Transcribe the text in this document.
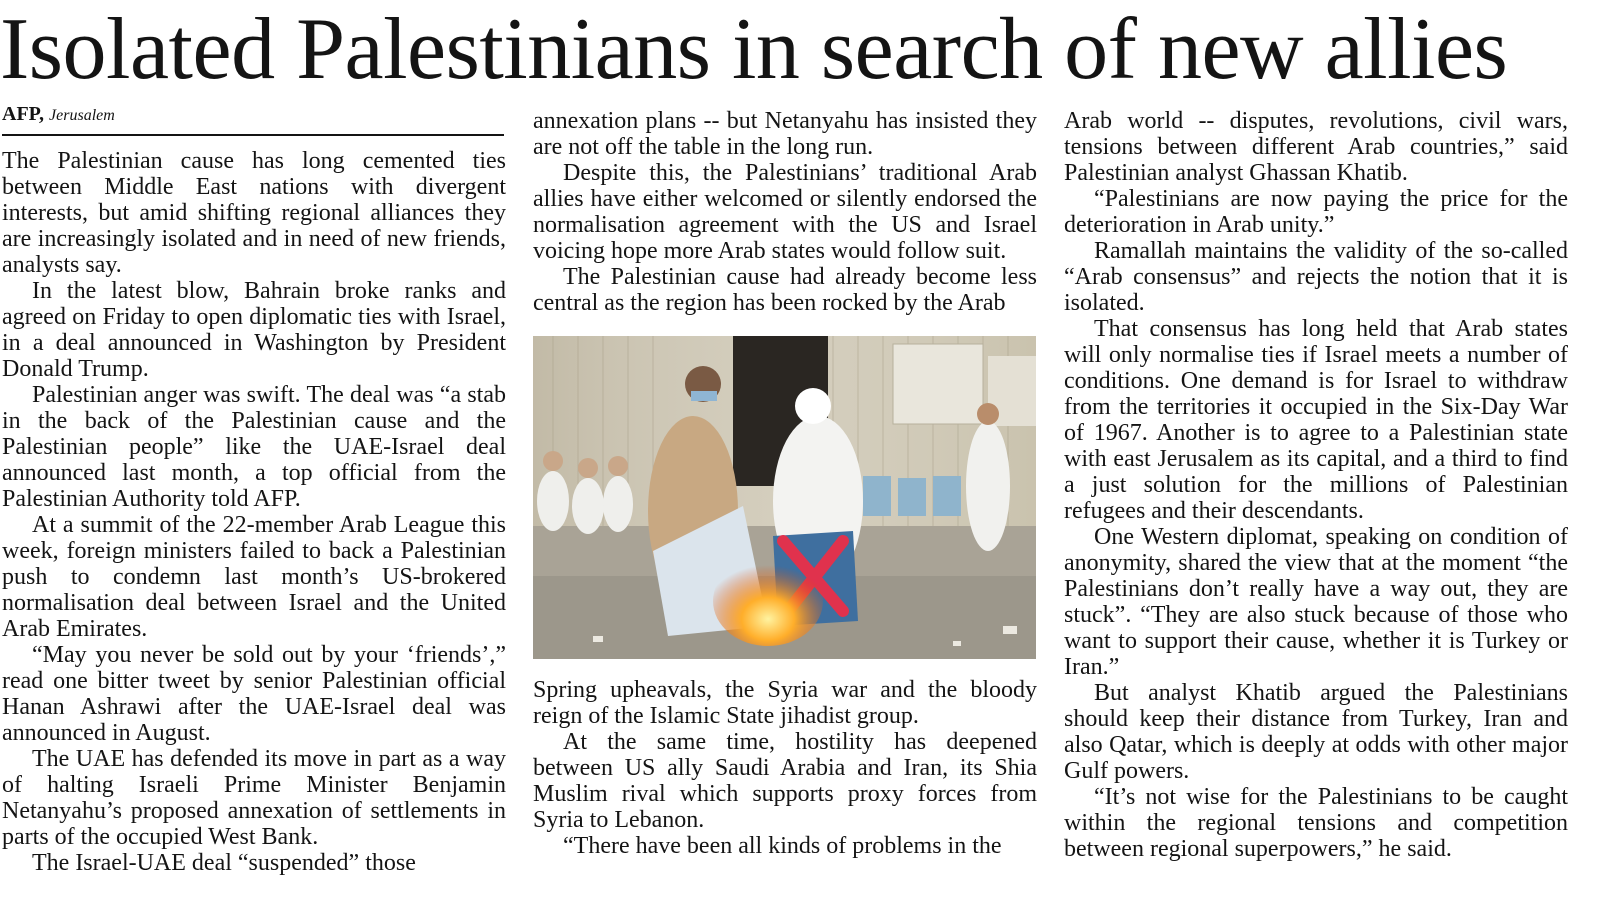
Isolated Palestinians in search of new allies
AFP, Jerusalem

The Palestinian cause has long cemented ties between Middle East nations with divergent interests, but amid shifting regional alliances they are increasingly isolated and in need of new friends, analysts say.

In the latest blow, Bahrain broke ranks and agreed on Friday to open diplomatic ties with Israel, in a deal announced in Washington by President Donald Trump.

Palestinian anger was swift. The deal was “a stab in the back of the Palestinian cause and the Palestinian people” like the UAE-Israel deal announced last month, a top official from the Palestinian Authority told AFP.

At a summit of the 22-member Arab League this week, foreign ministers failed to back a Palestinian push to condemn last month’s US-brokered normalisation deal between Israel and the United Arab Emirates.

“May you never be sold out by your ‘friends’,” read one bitter tweet by senior Palestinian official Hanan Ashrawi after the UAE-Israel deal was announced in August.

The UAE has defended its move in part as a way of halting Israeli Prime Minister Benjamin Netanyahu’s proposed annexation of settlements in parts of the occupied West Bank.

The Israel-UAE deal “suspended” those

annexation plans -- but Netanyahu has insisted they are not off the table in the long run.

Despite this, the Palestinians’ traditional Arab allies have either welcomed or silently endorsed the normalisation agreement with the US and Israel voicing hope more Arab states would follow suit.

The Palestinian cause had already become less central as the region has been rocked by the Arab

Spring upheavals, the Syria war and the bloody reign of the Islamic State jihadist group.

At the same time, hostility has deepened between US ally Saudi Arabia and Iran, its Shia Muslim rival which supports proxy forces from Syria to Lebanon.

“There have been all kinds of problems in the

Arab world -- disputes, revolutions, civil wars, tensions between different Arab countries,” said Palestinian analyst Ghassan Khatib.

“Palestinians are now paying the price for the deterioration in Arab unity.”

Ramallah maintains the validity of the so-called “Arab consensus” and rejects the notion that it is isolated.

That consensus has long held that Arab states will only normalise ties if Israel meets a number of conditions. One demand is for Israel to withdraw from the territories it occupied in the Six-Day War of 1967. Another is to agree to a Palestinian state with east Jerusalem as its capital, and a third to find a just solution for the millions of Palestinian refugees and their descendants.

One Western diplomat, speaking on condition of anonymity, shared the view that at the moment “the Palestinians don’t really have a way out, they are stuck”. “They are also stuck because of those who want to support their cause, whether it is Turkey or Iran.”

But analyst Khatib argued the Palestinians should keep their distance from Turkey, Iran and also Qatar, which is deeply at odds with other major Gulf powers.

“It’s not wise for the Palestinians to be caught within the regional tensions and competition between regional superpowers,” he said.
